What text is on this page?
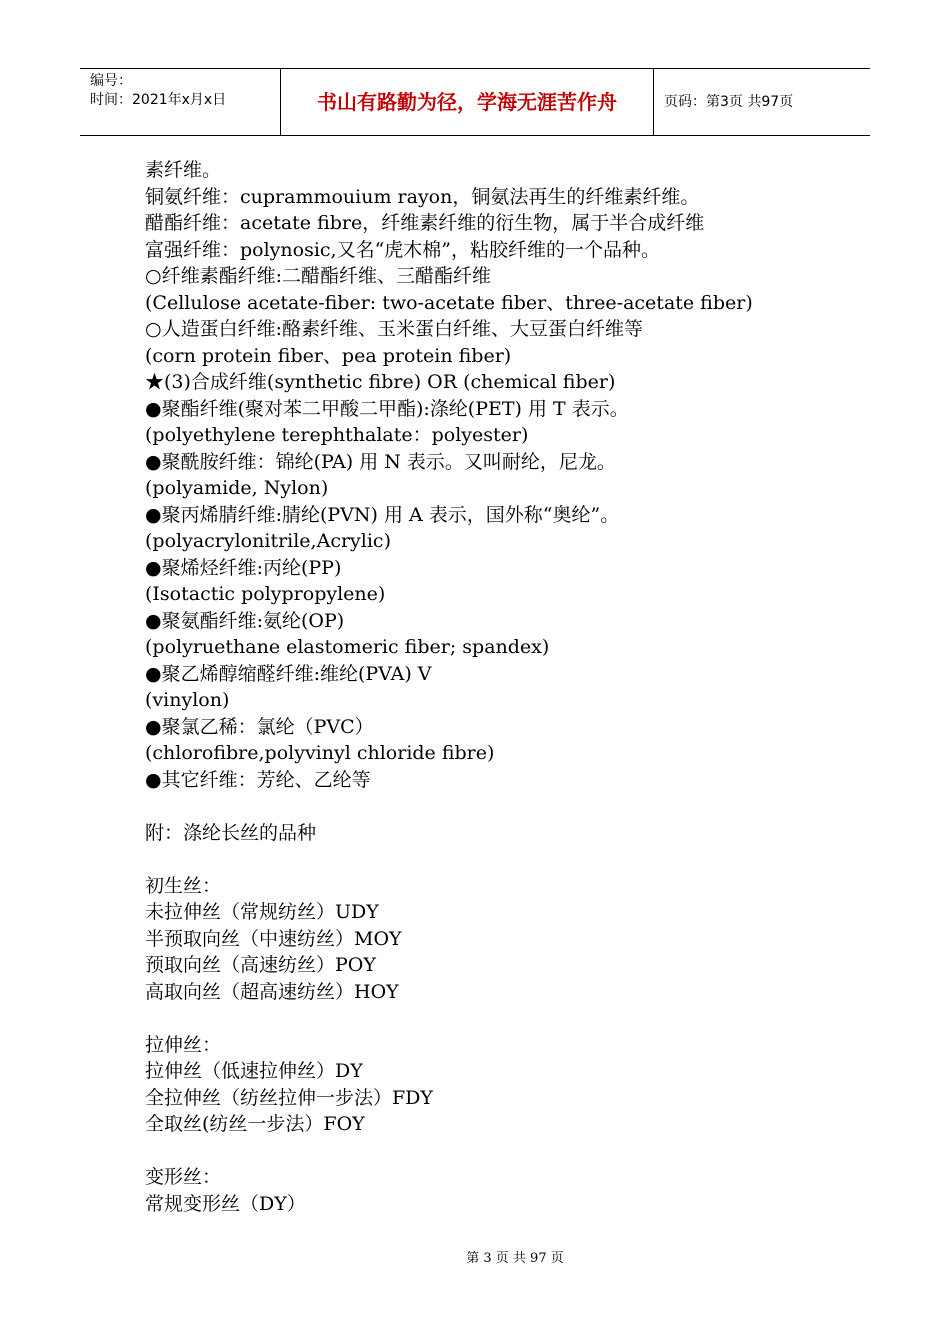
编号：
时间：2021年x月x日	书山有路勤为径，学海无涯苦作舟	页码：第3页 共97页
素纤维。
铜氨纤维：cuprammouium rayon，铜氨法再生的纤维素纤维。
醋酯纤维：acetate fibre，纤维素纤维的衍生物，属于半合成纤维
富强纤维：polynosic,又名“虎木棉”，粘胶纤维的一个品种。
○纤维素酯纤维:二醋酯纤维、三醋酯纤维
(Cellulose acetate-fiber: two-acetate fiber、three-acetate fiber)
○人造蛋白纤维:酪素纤维、玉米蛋白纤维、大豆蛋白纤维等
(corn protein fiber、pea protein fiber)
★(3)合成纤维(synthetic fibre) OR (chemical fiber)
●聚酯纤维(聚对苯二甲酸二甲酯):涤纶(PET) 用 T 表示。
(polyethylene terephthalate：polyester)
●聚酰胺纤维：锦纶(PA) 用 N 表示。又叫耐纶，尼龙。
(polyamide, Nylon)
●聚丙烯腈纤维:腈纶(PVN) 用 A 表示，国外称“奥纶”。
(polyacrylonitrile,Acrylic)
●聚烯烃纤维:丙纶(PP)
(Isotactic polypropylene)
●聚氨酯纤维:氨纶(OP)
(polyruethane elastomeric fiber; spandex)
●聚乙烯醇缩醛纤维:维纶(PVA) V
(vinylon)
●聚氯乙稀：氯纶（PVC）
(chlorofibre,polyvinyl chloride fibre)
●其它纤维：芳纶、乙纶等
附：涤纶长丝的品种
初生丝：
未拉伸丝（常规纺丝）UDY
半预取向丝（中速纺丝）MOY
预取向丝（高速纺丝）POY
高取向丝（超高速纺丝）HOY
拉伸丝：
拉伸丝（低速拉伸丝）DY
全拉伸丝（纺丝拉伸一步法）FDY
全取丝(纺丝一步法）FOY
变形丝：
常规变形丝（DY）
第 3 页 共 97 页
